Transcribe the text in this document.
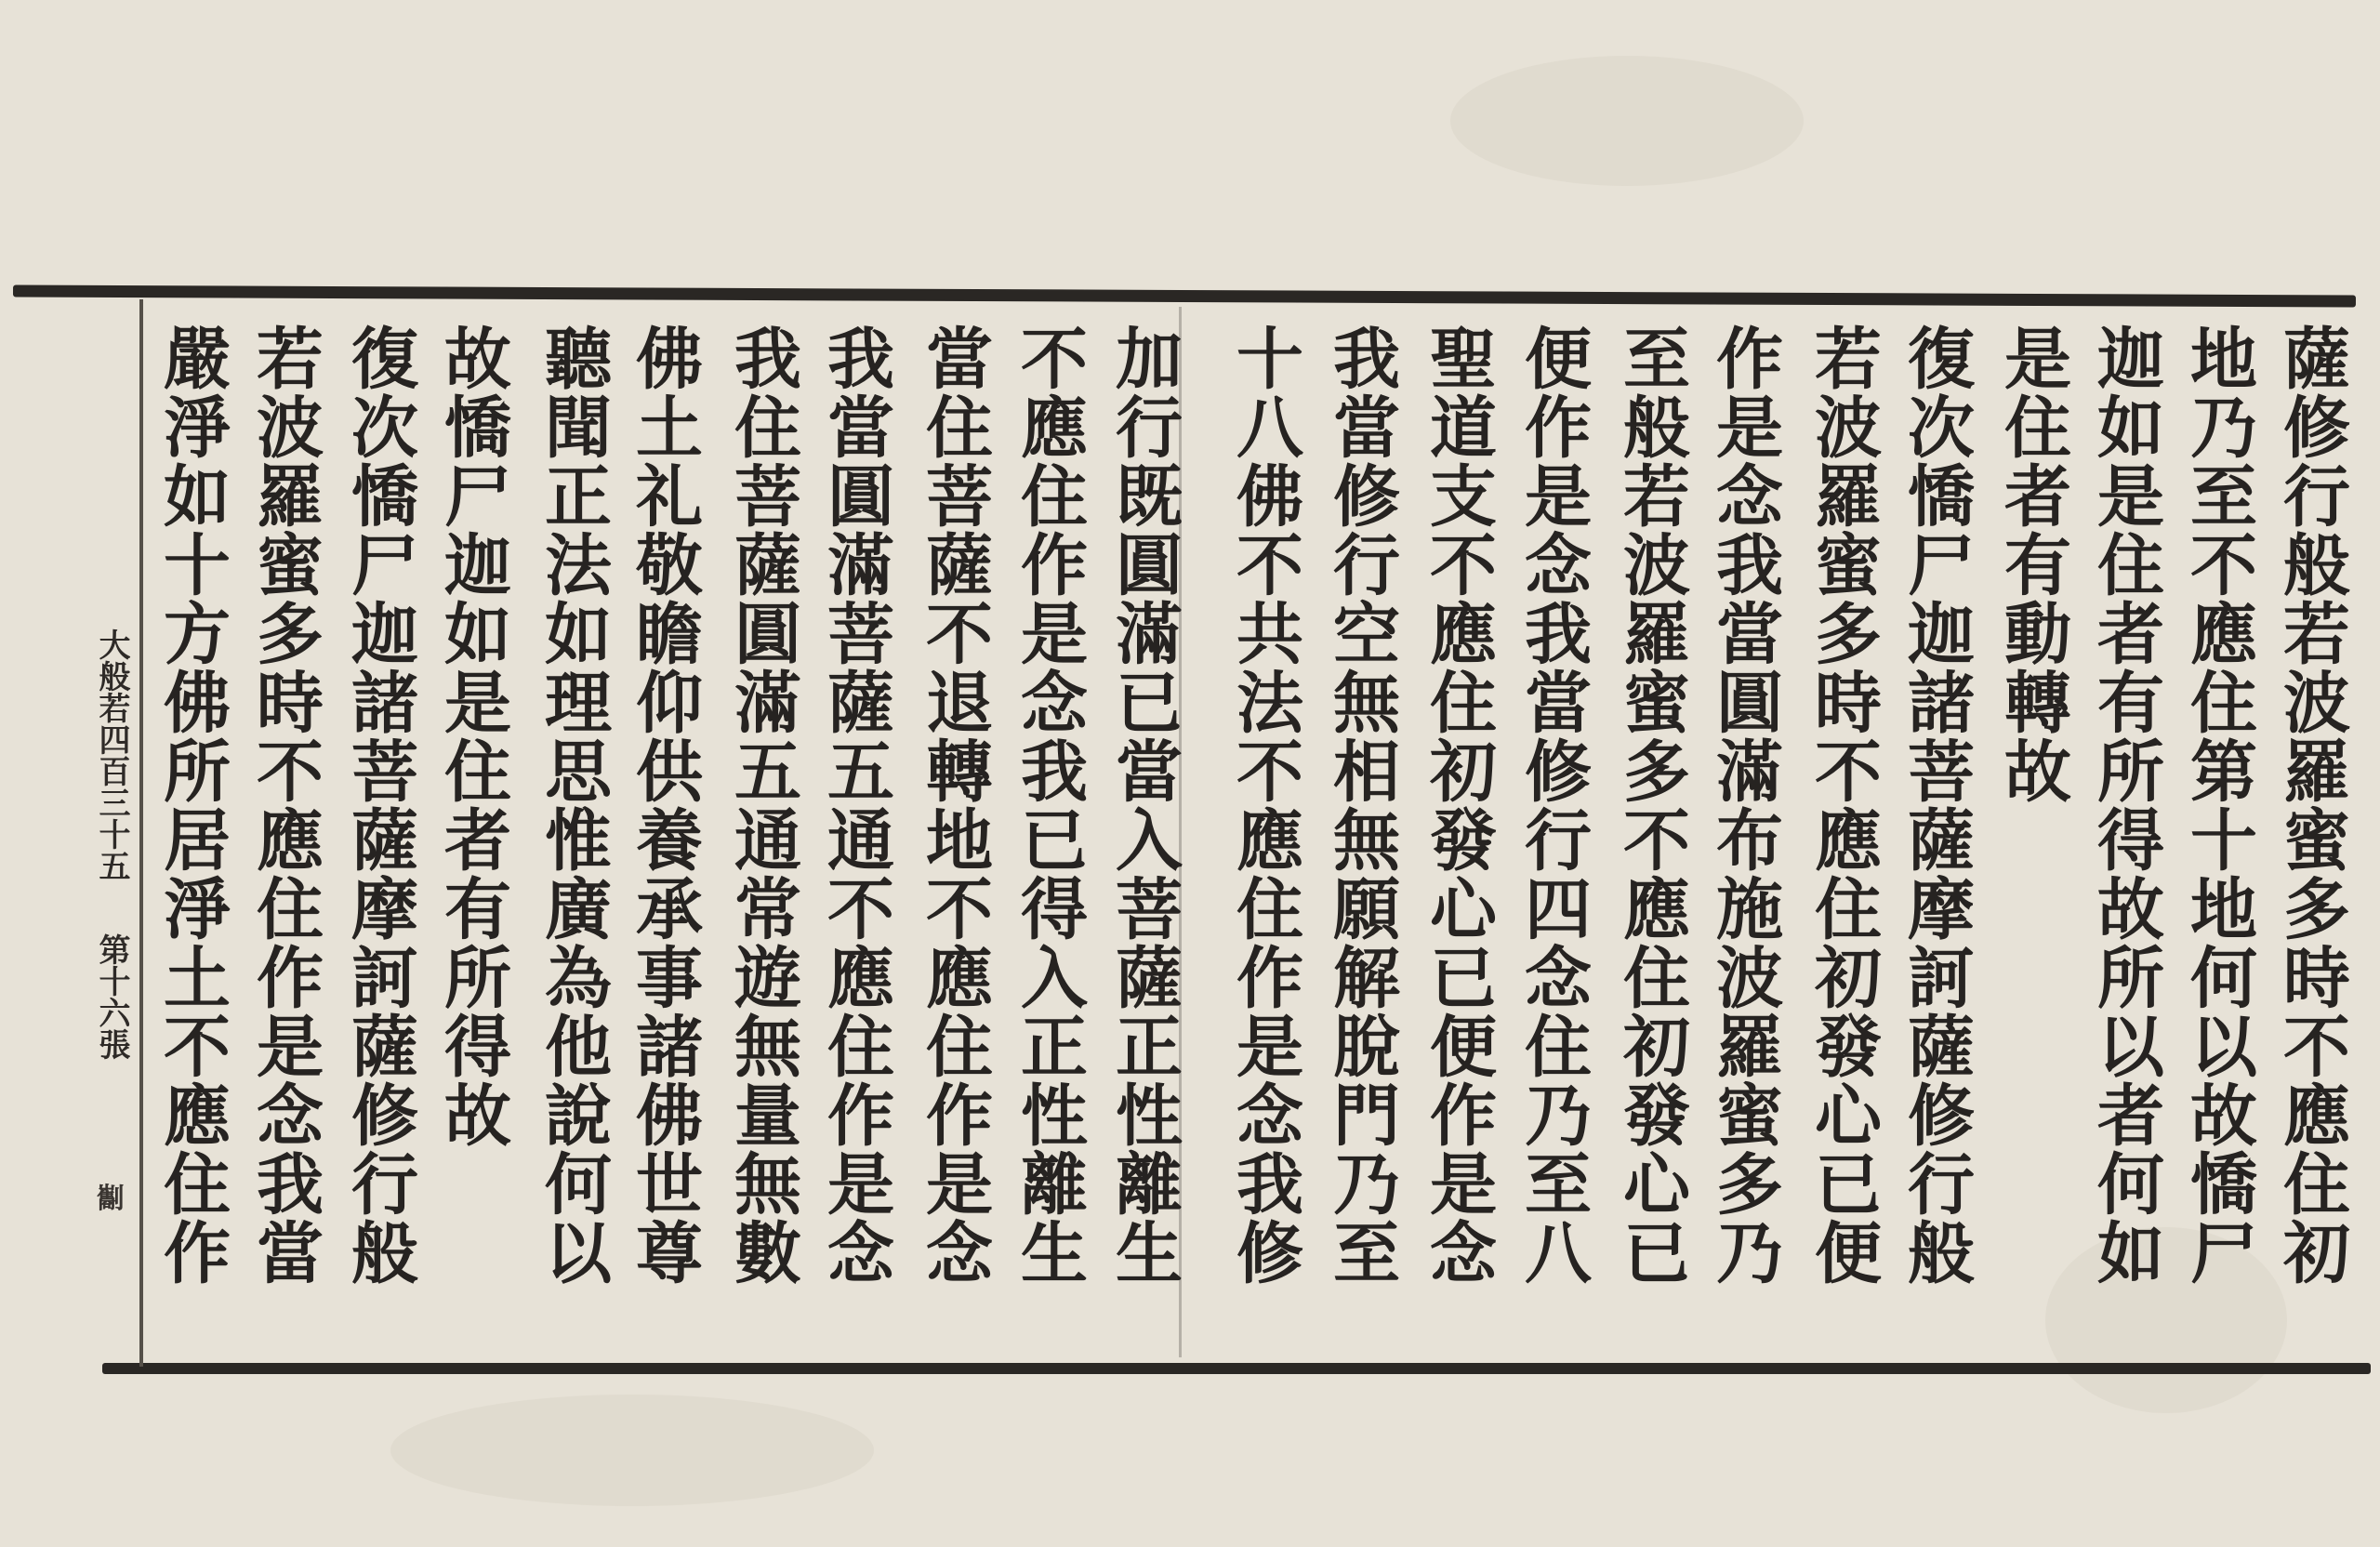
薩修行般若波羅蜜多時不應住初
地乃至不應住第十地何以故憍尸
迦如是住者有所得故所以者何如
是住者有動轉故
復次憍尸迦諸菩薩摩訶薩修行般
若波羅蜜多時不應住初發心已便
作是念我當圓滿布施波羅蜜多乃
至般若波羅蜜多不應住初發心已
便作是念我當修行四念住乃至八
聖道支不應住初發心已便作是念
我當修行空無相無願解脫門乃至
十八佛不共法不應住作是念我修
加行既圓滿已當入菩薩正性離生
不應住作是念我已得入正性離生
當住菩薩不退轉地不應住作是念
我當圓滿菩薩五通不應住作是念
我住菩薩圓滿五通常遊無量無數
佛土礼敬瞻仰供養承事諸佛世尊
聽聞正法如理思惟廣為他說何以
故憍尸迦如是住者有所得故
復次憍尸迦諸菩薩摩訶薩修行般
若波羅蜜多時不應住作是念我當
嚴淨如十方佛所居淨土不應住作
大般若四百三十五
第十六張
㔒
